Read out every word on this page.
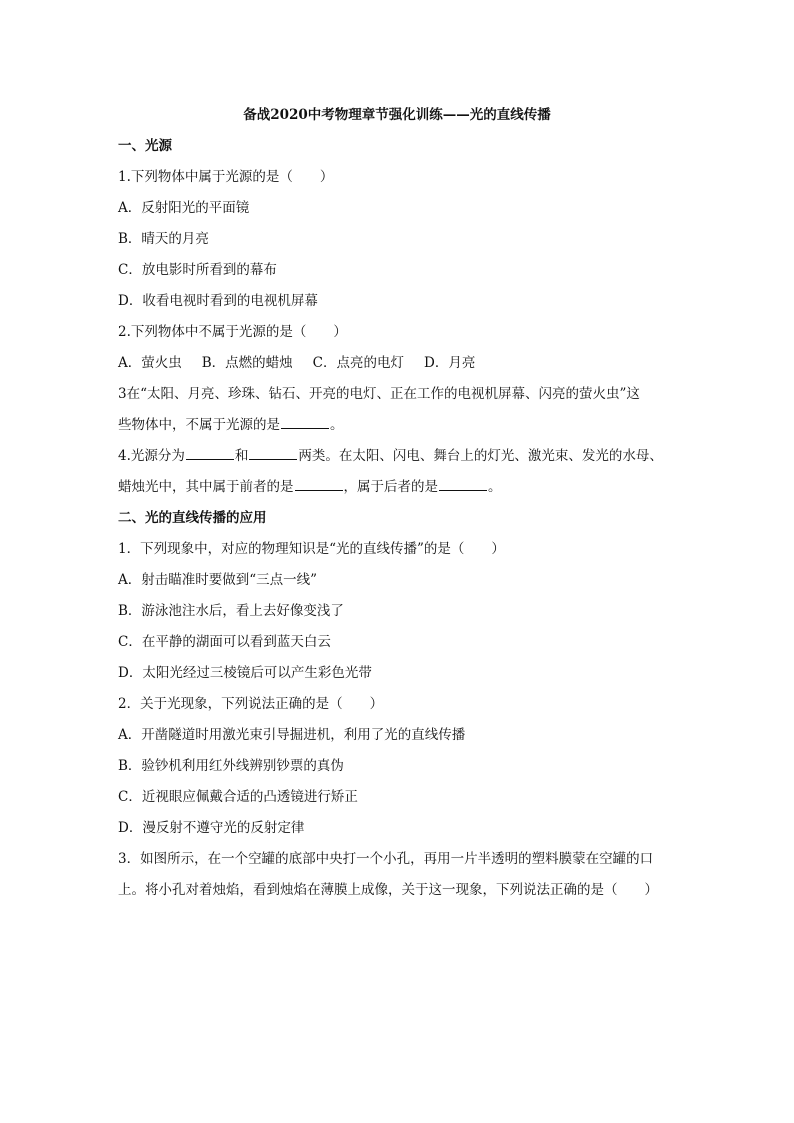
备战2020中考物理章节强化训练——光的直线传播
一、光源
1.下列物体中属于光源的是（　　）
A．反射阳光的平面镜
B．晴天的月亮
C．放电影时所看到的幕布
D．收看电视时看到的电视机屏幕
2.下列物体中不属于光源的是（　　）
A．萤火虫 B．点燃的蜡烛 C．点亮的电灯 D．月亮
3在“太阳、月亮、珍珠、钻石、开亮的电灯、正在工作的电视机屏幕、闪亮的萤火虫”这
些物体中，不属于光源的是	。
4.光源分为	和	两类。在太阳、闪电、舞台上的灯光、激光束、发光的水母、
蜡烛光中，其中属于前者的是	，属于后者的是	。
二、光的直线传播的应用
1．下列现象中，对应的物理知识是“光的直线传播”的是（　　）
A．射击瞄准时要做到“三点一线”
B．游泳池注水后，看上去好像变浅了
C．在平静的湖面可以看到蓝天白云
D．太阳光经过三棱镜后可以产生彩色光带
2．关于光现象，下列说法正确的是（　　）
A．开凿隧道时用激光束引导掘进机，利用了光的直线传播
B．验钞机利用红外线辨别钞票的真伪
C．近视眼应佩戴合适的凸透镜进行矫正
D．漫反射不遵守光的反射定律
3．如图所示，在一个空罐的底部中央打一个小孔，再用一片半透明的塑料膜蒙在空罐的口
上。将小孔对着烛焰，看到烛焰在薄膜上成像，关于这一现象，下列说法正确的是（　　）
